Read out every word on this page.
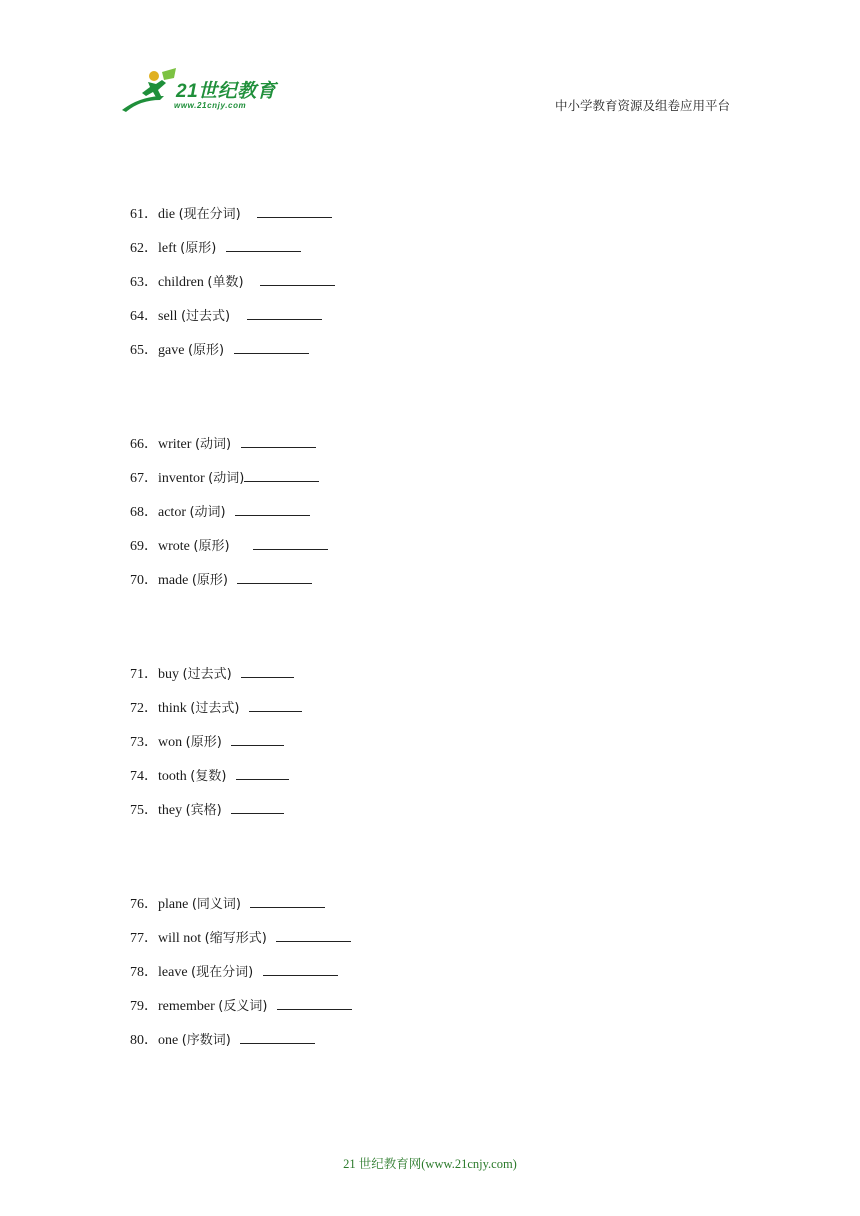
21世纪教育
www.21cnjy.com	中小学教育资源及组卷应用平台
61．die (现在分词)
62．left (原形)
63．children (单数)
64．sell (过去式)
65．gave (原形)
66．writer (动词)
67．inventor (动词)
68．actor (动词)
69．wrote (原形)
70．made (原形)
71．buy (过去式)
72．think (过去式)
73．won (原形)
74．tooth (复数)
75．they (宾格)
76．plane (同义词)
77．will not (缩写形式)
78．leave (现在分词)
79．remember (反义词)
80．one (序数词)
21 世纪教育网(www.21cnjy.com)
